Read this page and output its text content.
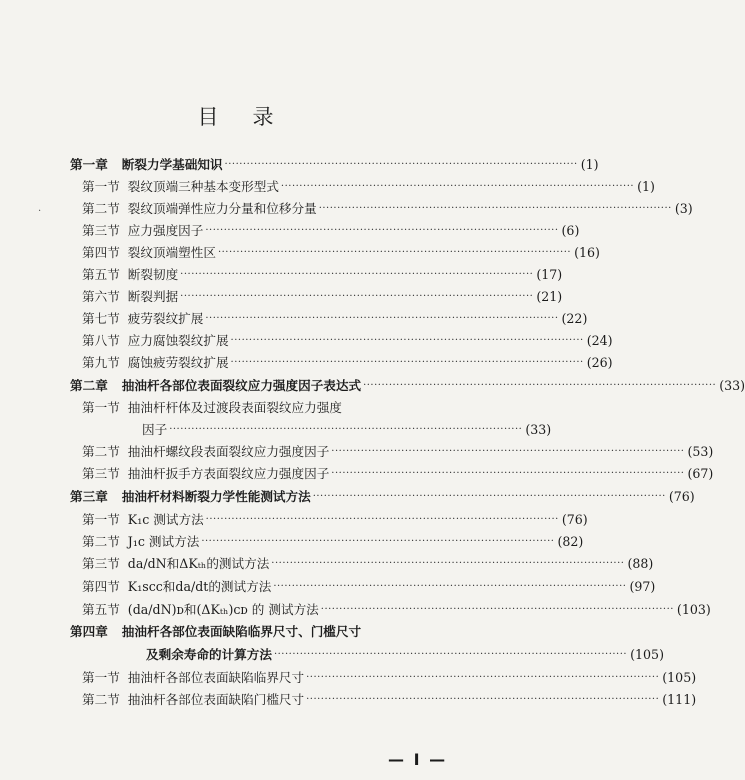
目录
第一章 断裂力学基础知识 ································································································ ( 1 )
第一节 裂纹顶端三种基本变形型式 ································································································ ( 1 )
第二节 裂纹顶端弹性应力分量和位移分量 ································································································ ( 3 )
第三节 应力强度因子 ································································································ ( 6 )
第四节 裂纹顶端塑性区 ································································································ ( 16 )
第五节 断裂韧度 ································································································ ( 17 )
第六节 断裂判据 ································································································ ( 21 )
第七节 疲劳裂纹扩展 ································································································ ( 22 )
第八节 应力腐蚀裂纹扩展 ································································································ ( 24 )
第九节 腐蚀疲劳裂纹扩展 ································································································ ( 26 )
第二章 抽油杆各部位表面裂纹应力强度因子表达式 ································································································ ( 33 )
第一节 抽油杆杆体及过渡段表面裂纹应力强度
因子 ································································································ ( 33 )
第二节 抽油杆螺纹段表面裂纹应力强度因子 ································································································ ( 53 )
第三节 抽油杆扳手方表面裂纹应力强度因子 ································································································ ( 67 )
第三章 抽油杆材料断裂力学性能测试方法 ································································································ ( 76 )
第一节 K₁c 测试方法 ································································································ ( 76 )
第二节 J₁c 测试方法 ································································································ ( 82 )
第三节 da/dN和ΔKₜₕ的测试方法 ································································································ ( 88 )
第四节 K₁scc和da/dt的测试方法 ································································································ ( 97 )
第五节 (da/dN)ᴅ和(ΔKₜₕ)ᴄᴅ 的 测试方法 ································································································ ( 103 )
第四章 抽油杆各部位表面缺陷临界尺寸、门槛尺寸
及剩余寿命的计算方法 ································································································ ( 105 )
第一节 抽油杆各部位表面缺陷临界尺寸 ································································································ ( 105 )
第二节 抽油杆各部位表面缺陷门槛尺寸 ································································································ ( 111 )
— I —
.
